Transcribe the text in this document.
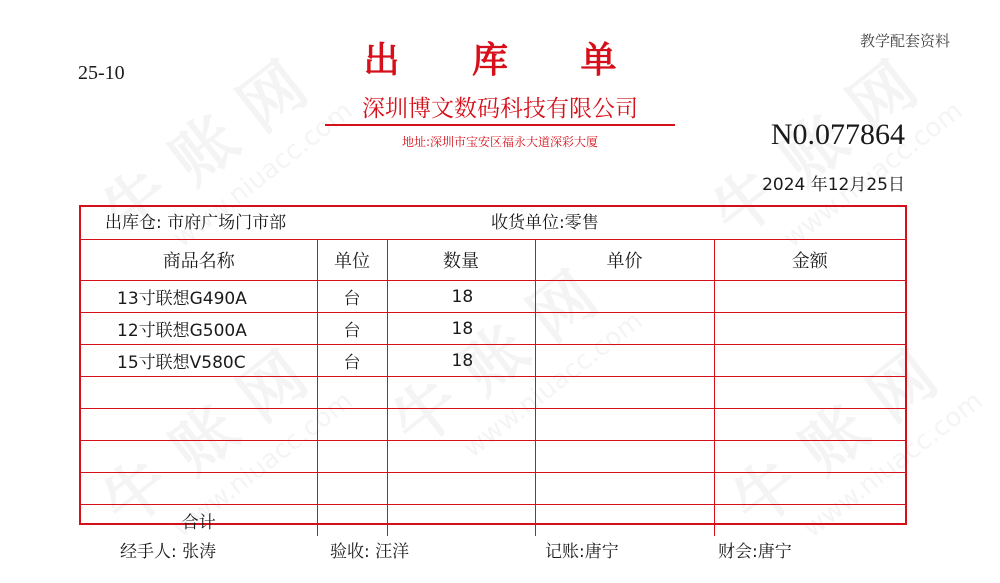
25-10
教学配套资料
出 库 单
深圳博文数码科技有限公司
地址:深圳市宝安区福永大道深彩大厦	N0.077864
2024 年12月25日
出库仓: 市府广场门市部	收货单位:零售
商品名称	单位	数量	单价	金额
13寸联想G490A	台	18		
12寸联想G500A	台	18		
15寸联想V580C	台	18		

合计				
经手人: 张涛	验收: 汪洋	记账:唐宁	财会:唐宁
